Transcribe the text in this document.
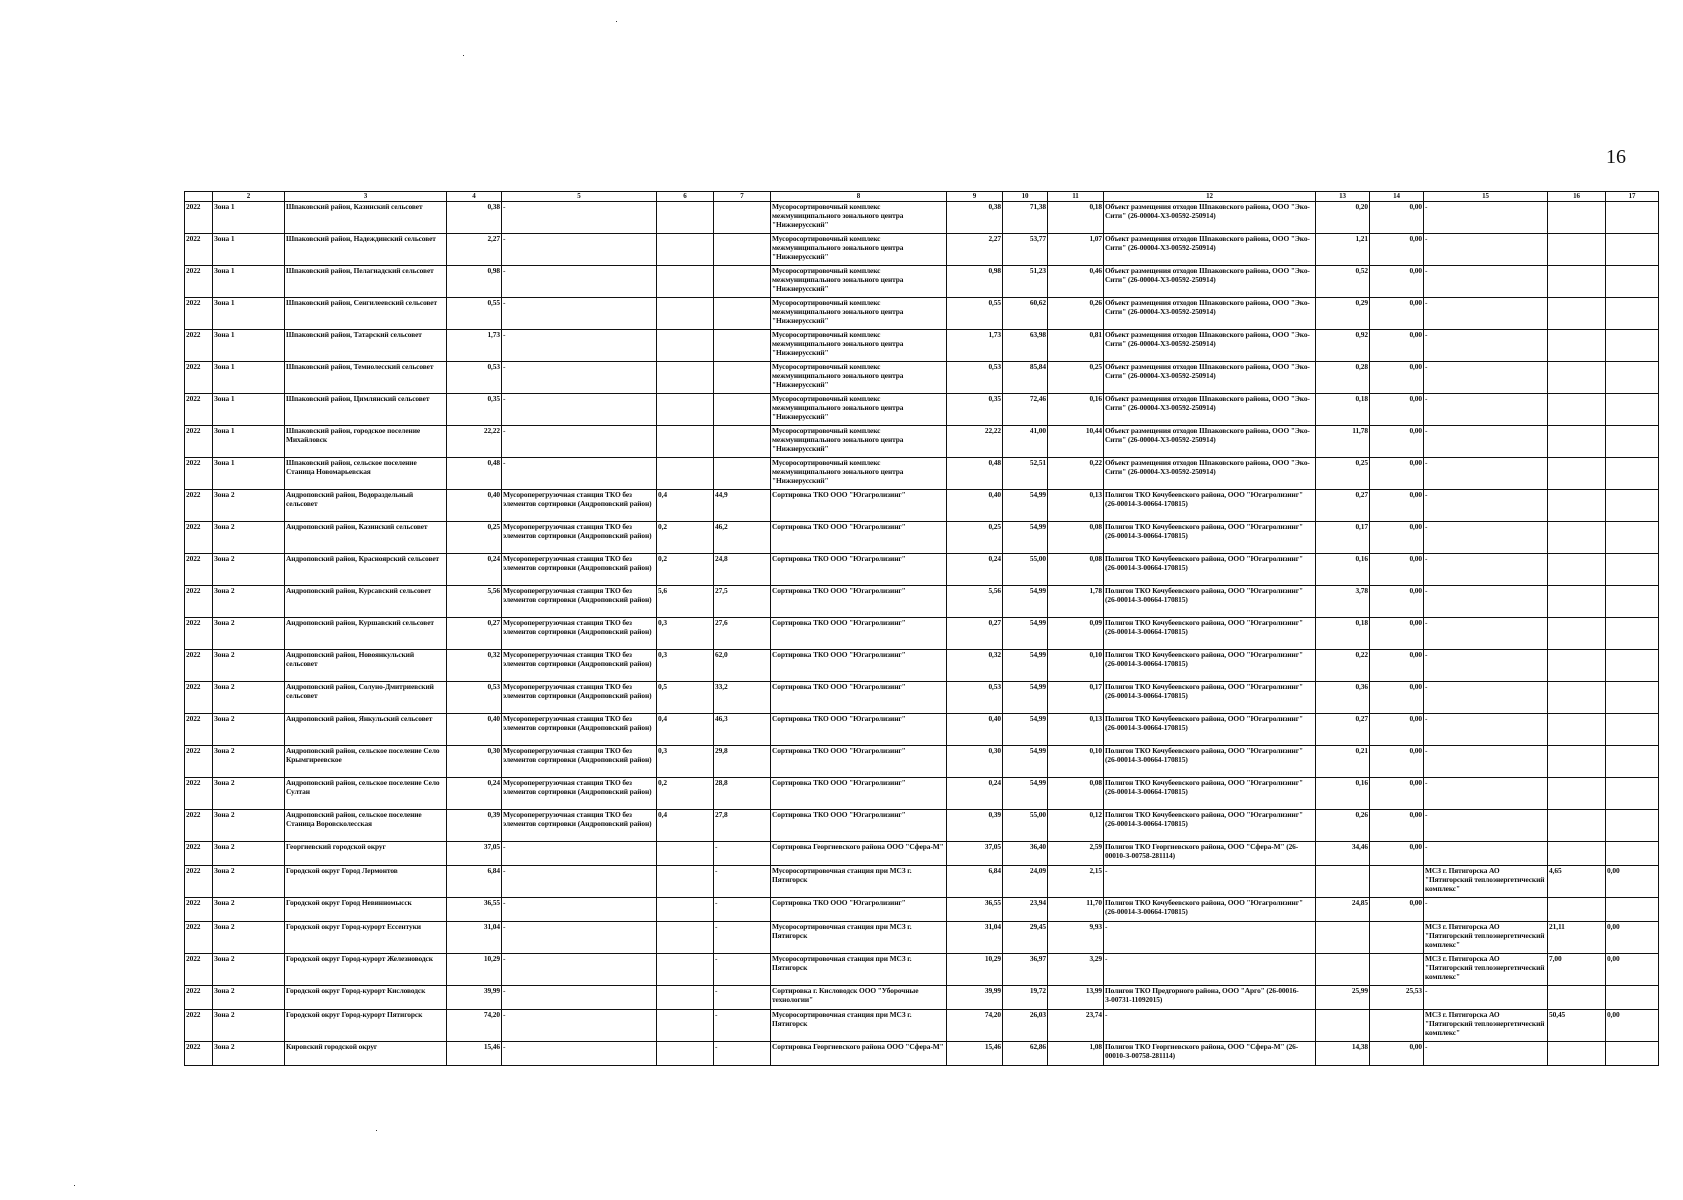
16
	2	3	4	5	6	7	8	9	10	11	12	13	14	15	16	17
2022	Зона 1	Шпаковский район, Казинский сельсовет	0,38	-			Мусоросортировочный комплекс межмуниципального зонального центра "Нижнерусский"	0,38	71,38	0,18	Объект размещения отходов Шпаковского района, ООО "Эко-Сити" (26-00004-Х3-00592-250914)	0,20	0,00	-		
2022	Зона 1	Шпаковский район, Надеждинский сельсовет	2,27	-			Мусоросортировочный комплекс межмуниципального зонального центра "Нижнерусский"	2,27	53,77	1,07	Объект размещения отходов Шпаковского района, ООО "Эко-Сити" (26-00004-Х3-00592-250914)	1,21	0,00	-		
2022	Зона 1	Шпаковский район, Пелагиадский сельсовет	0,98	-			Мусоросортировочный комплекс межмуниципального зонального центра "Нижнерусский"	0,98	51,23	0,46	Объект размещения отходов Шпаковского района, ООО "Эко-Сити" (26-00004-Х3-00592-250914)	0,52	0,00	-		
2022	Зона 1	Шпаковский район, Сенгилеевский сельсовет	0,55	-			Мусоросортировочный комплекс межмуниципального зонального центра "Нижнерусский"	0,55	60,62	0,26	Объект размещения отходов Шпаковского района, ООО "Эко-Сити" (26-00004-Х3-00592-250914)	0,29	0,00	-		
2022	Зона 1	Шпаковский район, Татарский сельсовет	1,73	-			Мусоросортировочный комплекс межмуниципального зонального центра "Нижнерусский"	1,73	63,98	0,81	Объект размещения отходов Шпаковского района, ООО "Эко-Сити" (26-00004-Х3-00592-250914)	0,92	0,00	-		
2022	Зона 1	Шпаковский район, Темнолесский сельсовет	0,53	-			Мусоросортировочный комплекс межмуниципального зонального центра "Нижнерусский"	0,53	85,84	0,25	Объект размещения отходов Шпаковского района, ООО "Эко-Сити" (26-00004-Х3-00592-250914)	0,28	0,00	-		
2022	Зона 1	Шпаковский район, Цимлянский сельсовет	0,35	-			Мусоросортировочный комплекс межмуниципального зонального центра "Нижнерусский"	0,35	72,46	0,16	Объект размещения отходов Шпаковского района, ООО "Эко-Сити" (26-00004-Х3-00592-250914)	0,18	0,00	-		
2022	Зона 1	Шпаковский район, городское поселение Михайловск	22,22	-			Мусоросортировочный комплекс межмуниципального зонального центра "Нижнерусский"	22,22	41,00	10,44	Объект размещения отходов Шпаковского района, ООО "Эко-Сити" (26-00004-Х3-00592-250914)	11,78	0,00	-		
2022	Зона 1	Шпаковский район, сельское поселение Станица Новомарьевская	0,48	-			Мусоросортировочный комплекс межмуниципального зонального центра "Нижнерусский"	0,48	52,51	0,22	Объект размещения отходов Шпаковского района, ООО "Эко-Сити" (26-00004-Х3-00592-250914)	0,25	0,00	-		
2022	Зона 2	Андроповский район, Водораздельный сельсовет	0,40	Мусороперегрузочная станция ТКО без элементов сортировки (Андроповский район)	0,4	44,9	Сортировка ТКО ООО "Югагролизинг"	0,40	54,99	0,13	Полигон ТКО Кочубеевского района, ООО "Югагролизинг" (26-00014-З-00664-170815)	0,27	0,00	-		
2022	Зона 2	Андроповский район, Казинский сельсовет	0,25	Мусороперегрузочная станция ТКО без элементов сортировки (Андроповский район)	0,2	46,2	Сортировка ТКО ООО "Югагролизинг"	0,25	54,99	0,08	Полигон ТКО Кочубеевского района, ООО "Югагролизинг" (26-00014-З-00664-170815)	0,17	0,00	-		
2022	Зона 2	Андроповский район, Красноярский сельсовет	0,24	Мусороперегрузочная станция ТКО без элементов сортировки (Андроповский район)	0,2	24,8	Сортировка ТКО ООО "Югагролизинг"	0,24	55,00	0,08	Полигон ТКО Кочубеевского района, ООО "Югагролизинг" (26-00014-З-00664-170815)	0,16	0,00	-		
2022	Зона 2	Андроповский район, Курсавский сельсовет	5,56	Мусороперегрузочная станция ТКО без элементов сортировки (Андроповский район)	5,6	27,5	Сортировка ТКО ООО "Югагролизинг"	5,56	54,99	1,78	Полигон ТКО Кочубеевского района, ООО "Югагролизинг" (26-00014-З-00664-170815)	3,78	0,00	-		
2022	Зона 2	Андроповский район, Куршавский сельсовет	0,27	Мусороперегрузочная станция ТКО без элементов сортировки (Андроповский район)	0,3	27,6	Сортировка ТКО ООО "Югагролизинг"	0,27	54,99	0,09	Полигон ТКО Кочубеевского района, ООО "Югагролизинг" (26-00014-З-00664-170815)	0,18	0,00	-		
2022	Зона 2	Андроповский район, Новоянкульский сельсовет	0,32	Мусороперегрузочная станция ТКО без элементов сортировки (Андроповский район)	0,3	62,0	Сортировка ТКО ООО "Югагролизинг"	0,32	54,99	0,10	Полигон ТКО Кочубеевского района, ООО "Югагролизинг" (26-00014-З-00664-170815)	0,22	0,00	-		
2022	Зона 2	Андроповский район, Солуно-Дмитриевский сельсовет	0,53	Мусороперегрузочная станция ТКО без элементов сортировки (Андроповский район)	0,5	33,2	Сортировка ТКО ООО "Югагролизинг"	0,53	54,99	0,17	Полигон ТКО Кочубеевского района, ООО "Югагролизинг" (26-00014-З-00664-170815)	0,36	0,00	-		
2022	Зона 2	Андроповский район, Янкульский сельсовет	0,40	Мусороперегрузочная станция ТКО без элементов сортировки (Андроповский район)	0,4	46,3	Сортировка ТКО ООО "Югагролизинг"	0,40	54,99	0,13	Полигон ТКО Кочубеевского района, ООО "Югагролизинг" (26-00014-З-00664-170815)	0,27	0,00	-		
2022	Зона 2	Андроповский район, сельское поселение Село Крымгиреевское	0,30	Мусороперегрузочная станция ТКО без элементов сортировки (Андроповский район)	0,3	29,8	Сортировка ТКО ООО "Югагролизинг"	0,30	54,99	0,10	Полигон ТКО Кочубеевского района, ООО "Югагролизинг" (26-00014-З-00664-170815)	0,21	0,00	-		
2022	Зона 2	Андроповский район, сельское поселение Село Султан	0,24	Мусороперегрузочная станция ТКО без элементов сортировки (Андроповский район)	0,2	28,8	Сортировка ТКО ООО "Югагролизинг"	0,24	54,99	0,08	Полигон ТКО Кочубеевского района, ООО "Югагролизинг" (26-00014-З-00664-170815)	0,16	0,00	-		
2022	Зона 2	Андроповский район, сельское поселение Станица Воровсколесская	0,39	Мусороперегрузочная станция ТКО без элементов сортировки (Андроповский район)	0,4	27,8	Сортировка ТКО ООО "Югагролизинг"	0,39	55,00	0,12	Полигон ТКО Кочубеевского района, ООО "Югагролизинг" (26-00014-З-00664-170815)	0,26	0,00	-		
2022	Зона 2	Георгиевский городской округ	37,05	-		-	Сортировка Георгиевского района ООО "Сфера-М"	37,05	36,40	2,59	Полигон ТКО Георгиевского района, ООО "Сфера-М" (26-00010-З-00758-281114)	34,46	0,00	-		
2022	Зона 2	Городской округ Город Лермонтов	6,84	-		-	Мусоросортировочная станция при МСЗ г. Пятигорск	6,84	24,09	2,15	-			МСЗ г. Пятигорска АО "Пятигорский теплоэнергетический комплекс"	4,65	0,00
2022	Зона 2	Городской округ Город Невинномысск	36,55	-		-	Сортировка ТКО ООО "Югагролизинг"	36,55	23,94	11,70	Полигон ТКО Кочубеевского района, ООО "Югагролизинг" (26-00014-З-00664-170815)	24,85	0,00	-		
2022	Зона 2	Городской округ Город-курорт Ессентуки	31,04	-		-	Мусоросортировочная станция при МСЗ г. Пятигорск	31,04	29,45	9,93	-			МСЗ г. Пятигорска АО "Пятигорский теплоэнергетический комплекс"	21,11	0,00
2022	Зона 2	Городской округ Город-курорт Железноводск	10,29	-		-	Мусоросортировочная станция при МСЗ г. Пятигорск	10,29	36,97	3,29	-			МСЗ г. Пятигорска АО "Пятигорский теплоэнергетический комплекс"	7,00	0,00
2022	Зона 2	Городской округ Город-курорт Кисловодск	39,99	-		-	Сортировка г. Кисловодск ООО "Уборочные технологии"	39,99	19,72	13,99	Полигон ТКО Предгорного района, ООО "Арго" (26-00016-З-00731-11092015)	25,99	25,53	-		
2022	Зона 2	Городской округ Город-курорт Пятигорск	74,20	-		-	Мусоросортировочная станция при МСЗ г. Пятигорск	74,20	26,03	23,74	-			МСЗ г. Пятигорска АО "Пятигорский теплоэнергетический комплекс"	50,45	0,00
2022	Зона 2	Кировский городской округ	15,46	-		-	Сортировка Георгиевского района ООО "Сфера-М"	15,46	62,86	1,08	Полигон ТКО Георгиевского района, ООО "Сфера-М" (26-00010-З-00758-281114)	14,38	0,00	-		
